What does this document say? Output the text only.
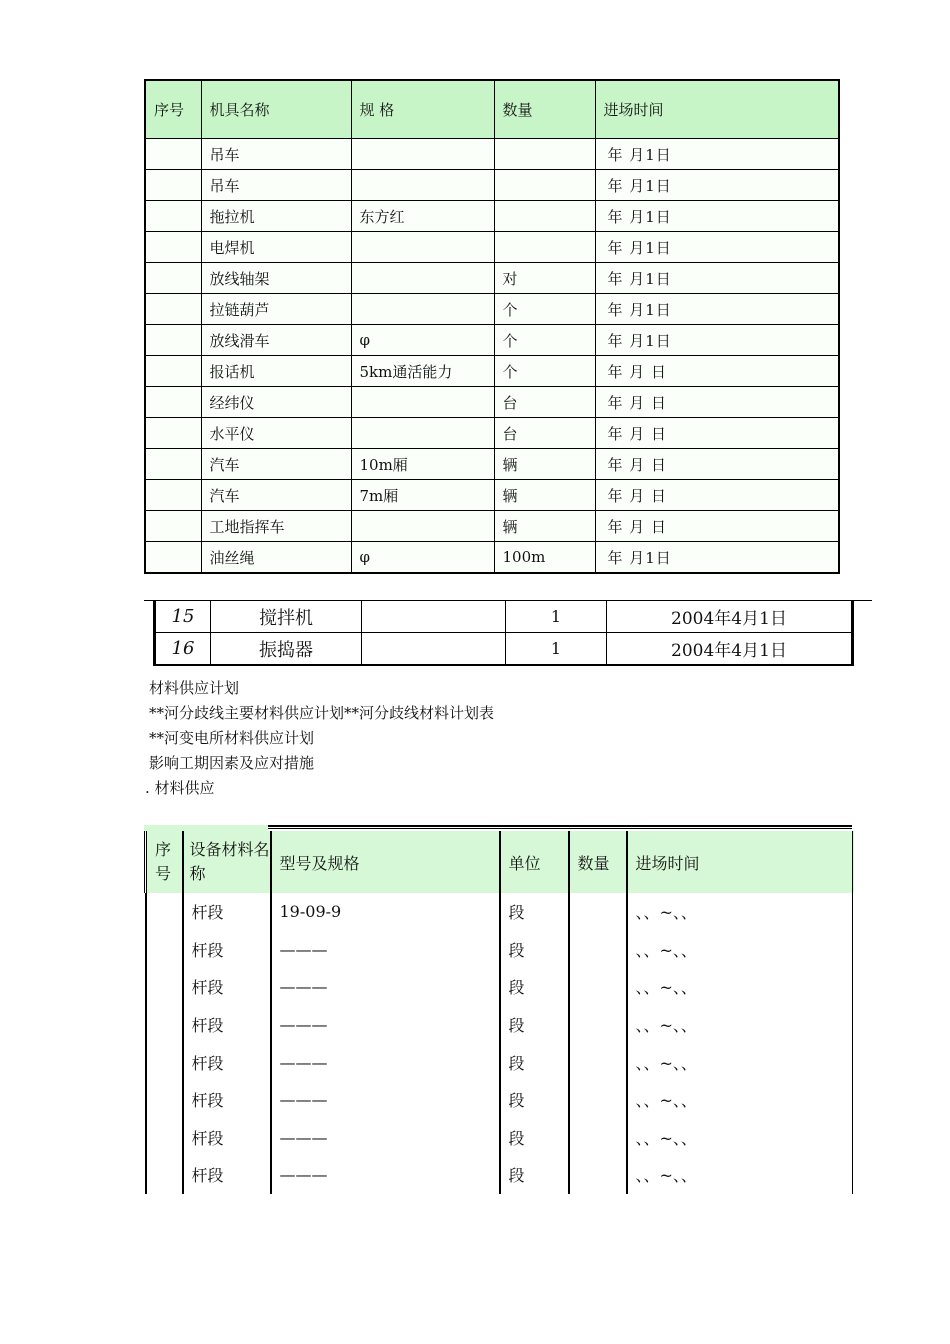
序号	机具名称	规 格	数量	进场时间
	吊车			年 月1日
	吊车			年 月1日
	拖拉机	东方红		年 月1日
	电焊机			年 月1日
	放线轴架		对	年 月1日
	拉链葫芦		个	年 月1日
	放线滑车	φ	个	年 月1日
	报话机	5km通活能力	个	年 月 日
	经纬仪		台	年 月 日
	水平仪		台	年 月 日
	汽车	10m厢	辆	年 月 日
	汽车	7m厢	辆	年 月 日
	工地指挥车		辆	年 月 日
	油丝绳	φ	100m	年 月1日
15	搅拌机		1	2004年4月1日
16	振捣器		1	2004年4月1日
材料供应计划
**河分歧线主要材料供应计划**河分歧线材料计划表
**河变电所材料供应计划
影响工期因素及应对措施
. 材料供应
序号	设备材料名称	型号及规格	单位	数量	进场时间
	杆段	19-09-9	段		、、~、、
	杆段	———	段		、、~、、
	杆段	———	段		、、~、、
	杆段	———	段		、、~、、
	杆段	———	段		、、~、、
	杆段	———	段		、、~、、
	杆段	———	段		、、~、、
	杆段	———	段		、、~、、
